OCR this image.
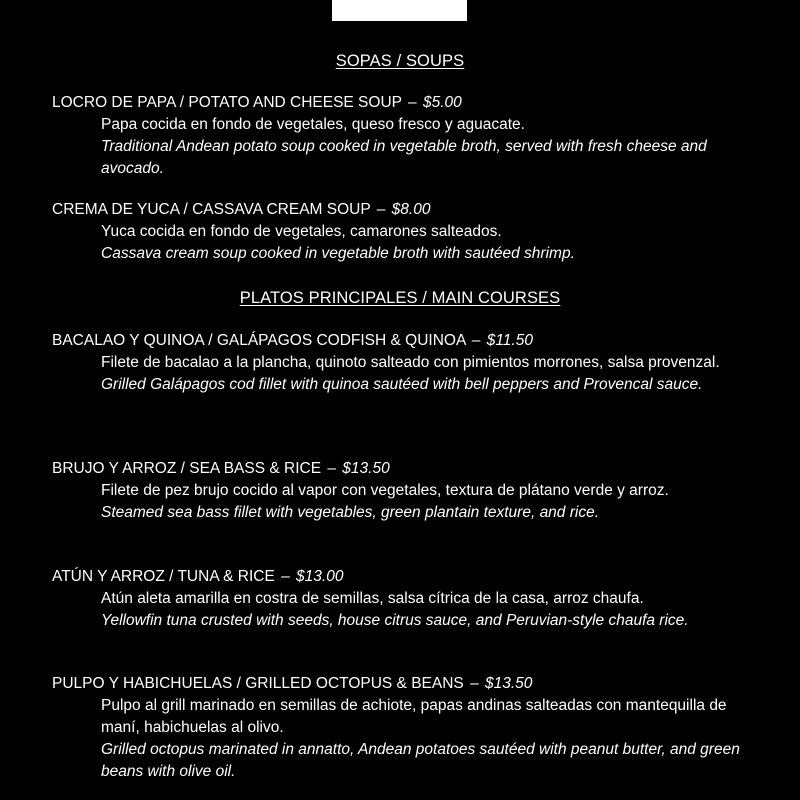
SOPAS / SOUPS
LOCRO DE PAPA / POTATO AND CHEESE SOUP – $5.00
Papa cocida en fondo de vegetales, queso fresco y aguacate.
Traditional Andean potato soup cooked in vegetable broth, served with fresh cheese and avocado.
CREMA DE YUCA / CASSAVA CREAM SOUP – $8.00
Yuca cocida en fondo de vegetales, camarones salteados.
Cassava cream soup cooked in vegetable broth with sautéed shrimp.
PLATOS PRINCIPALES / MAIN COURSES
BACALAO Y QUINOA / GALÁPAGOS CODFISH & QUINOA – $11.50
Filete de bacalao a la plancha, quinoto salteado con pimientos morrones, salsa provenzal.
Grilled Galápagos cod fillet with quinoa sautéed with bell peppers and Provencal sauce.
BRUJO Y ARROZ / SEA BASS & RICE – $13.50
Filete de pez brujo cocido al vapor con vegetales, textura de plátano verde y arroz.
Steamed sea bass fillet with vegetables, green plantain texture, and rice.
ATÚN Y ARROZ / TUNA & RICE – $13.00
Atún aleta amarilla en costra de semillas, salsa cítrica de la casa, arroz chaufa.
Yellowfin tuna crusted with seeds, house citrus sauce, and Peruvian-style chaufa rice.
PULPO Y HABICHUELAS / GRILLED OCTOPUS & BEANS – $13.50
Pulpo al grill marinado en semillas de achiote, papas andinas salteadas con mantequilla de maní, habichuelas al olivo.
Grilled octopus marinated in annatto, Andean potatoes sautéed with peanut butter, and green beans with olive oil.
